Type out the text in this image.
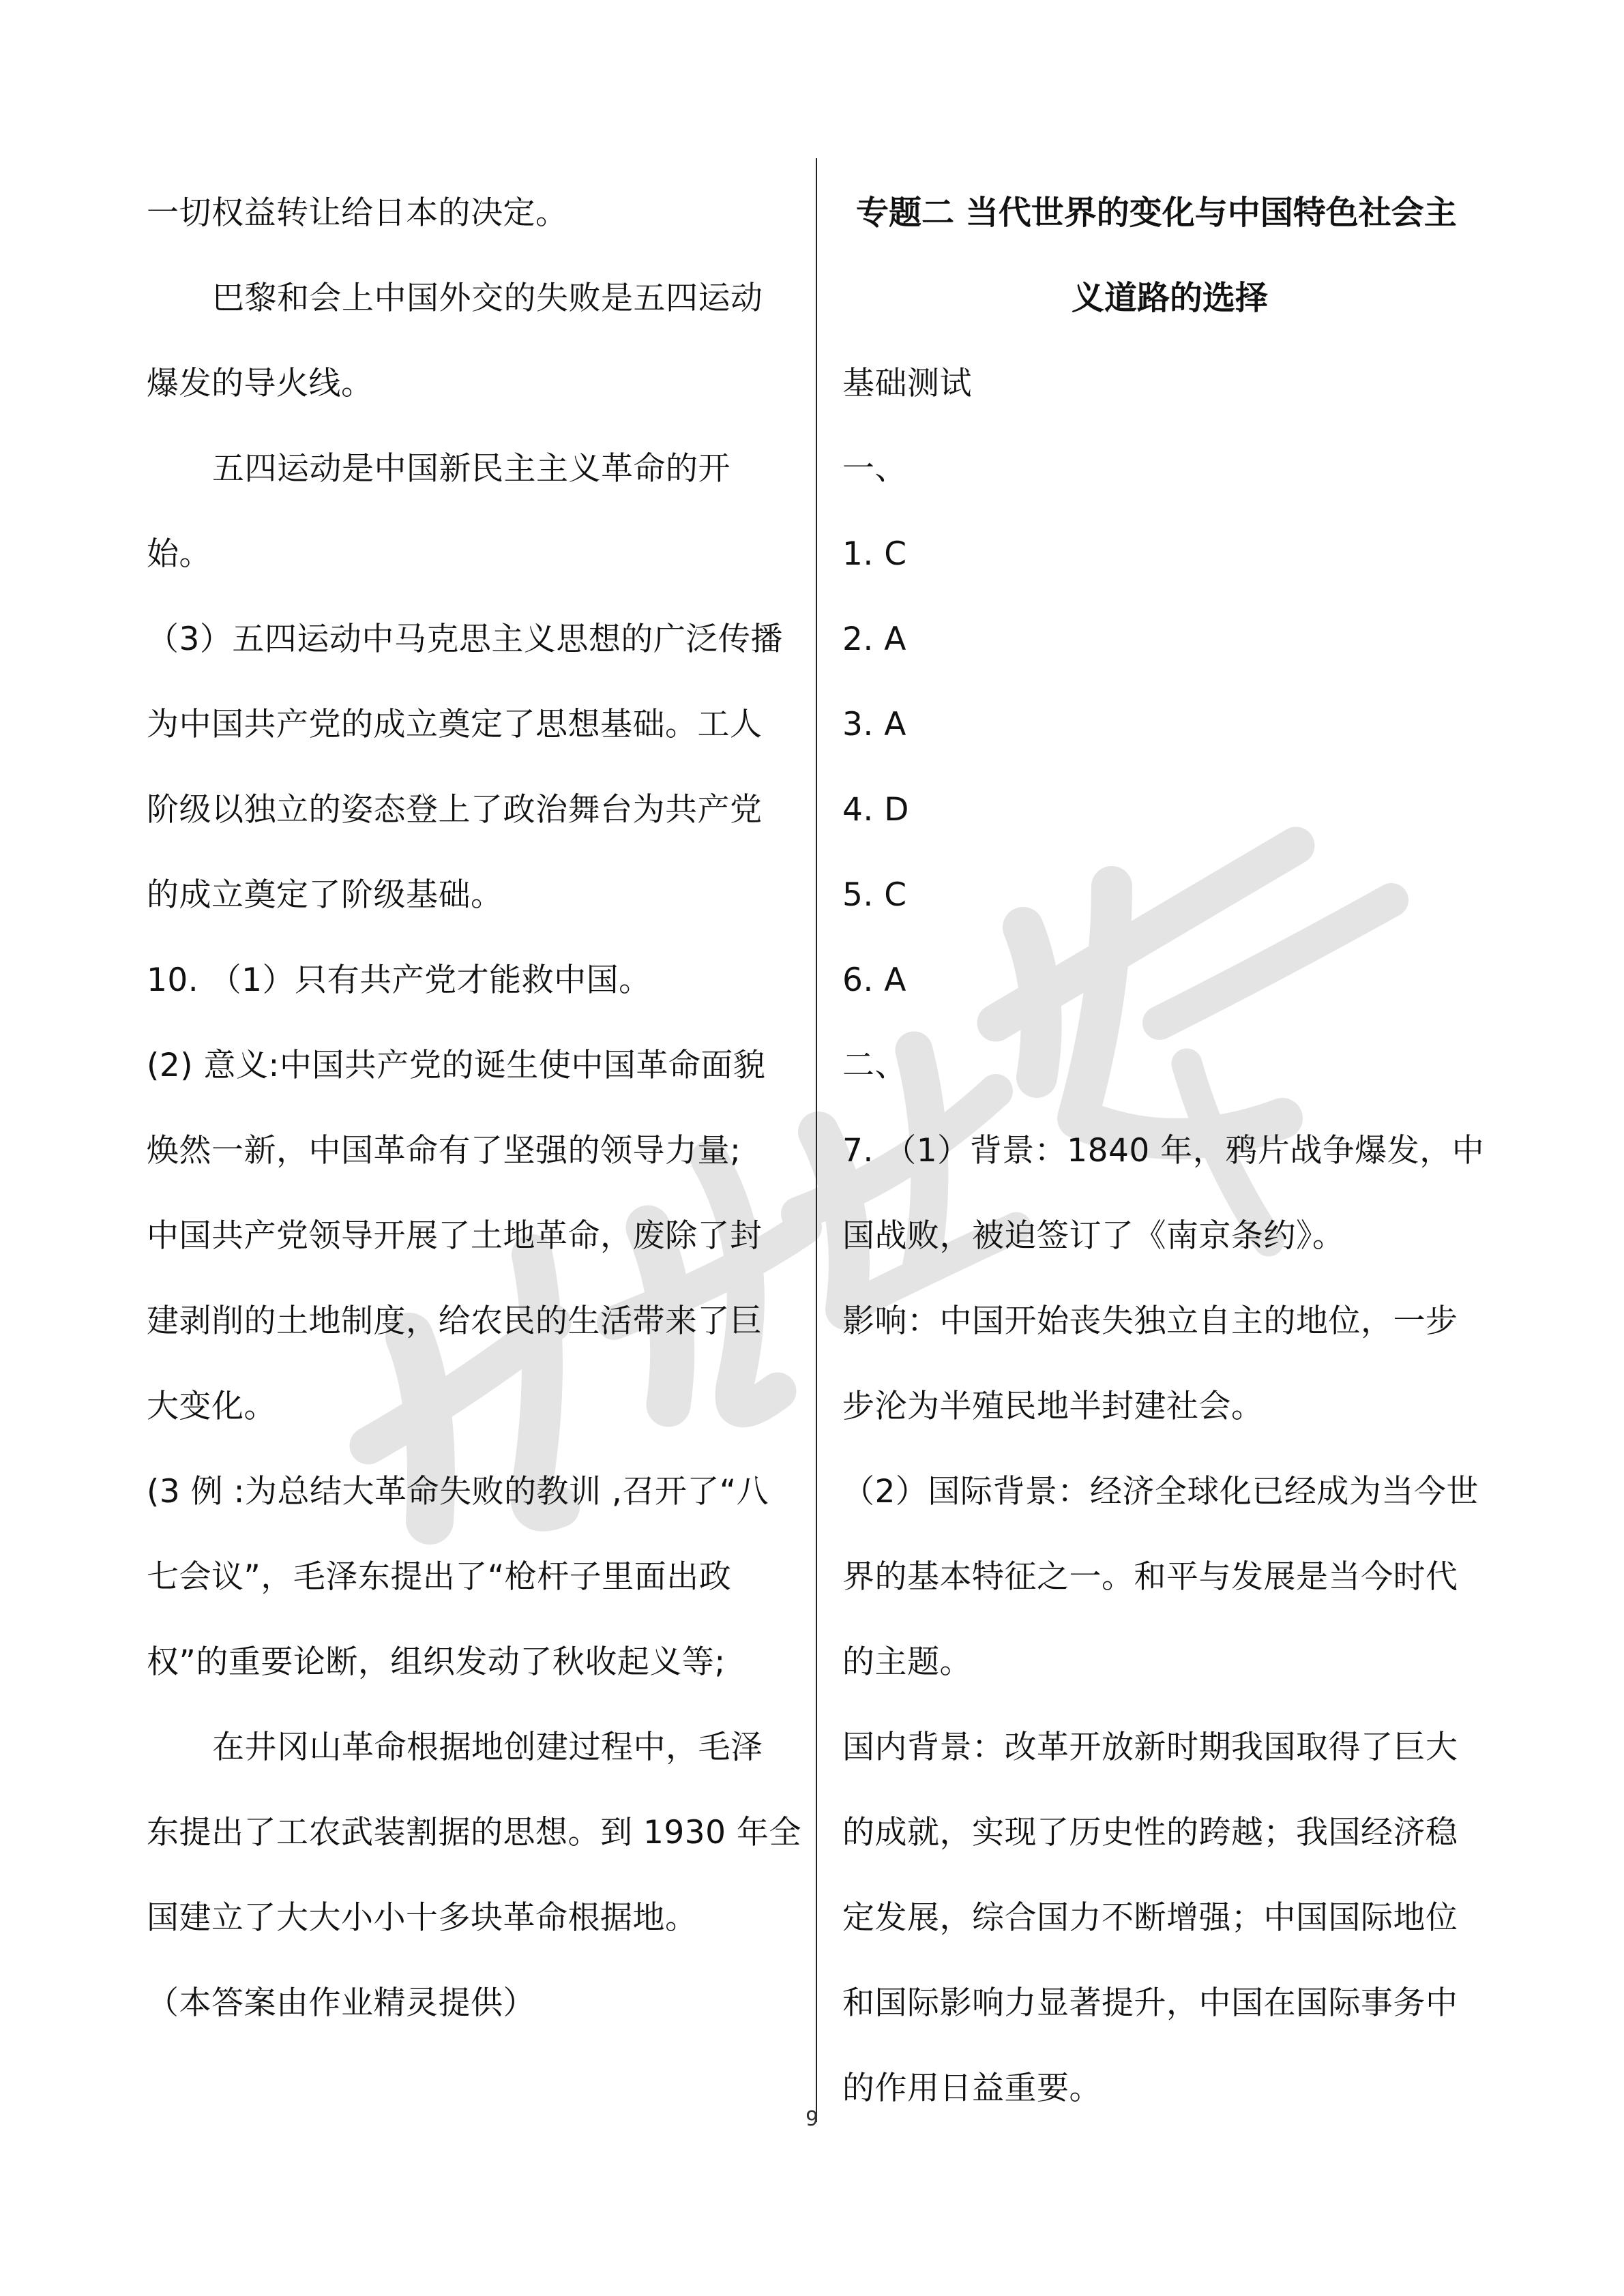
一切权益转让给日本的决定。
巴黎和会上中国外交的失败是五四运动
爆发的导火线。
五四运动是中国新民主主义革命的开
始。
（3）五四运动中马克思主义思想的广泛传播
为中国共产党的成立奠定了思想基础。工人
阶级以独立的姿态登上了政治舞台为共产党
的成立奠定了阶级基础。
10. （1）只有共产党才能救中国。
(2) 意义:中国共产党的诞生使中国革命面貌
焕然一新，中国革命有了坚强的领导力量;
中国共产党领导开展了土地革命，废除了封
建剥削的土地制度，给农民的生活带来了巨
大变化。
(3 例 :为总结大革命失败的教训 ,召开了“八
七会议”，毛泽东提出了“枪杆子里面出政
权”的重要论断，组织发动了秋收起义等;
在井冈山革命根据地创建过程中，毛泽
东提出了工农武装割据的思想。到 1930 年全
国建立了大大小小十多块革命根据地。
（本答案由作业精灵提供）
专题二 当代世界的变化与中国特色社会主
义道路的选择
基础测试
一、
1. C
2. A
3. A
4. D
5. C
6. A
二、
7. （1）背景：1840 年，鸦片战争爆发，中
国战败，被迫签订了《南京条约》。
影响：中国开始丧失独立自主的地位，一步
步沦为半殖民地半封建社会。
（2）国际背景：经济全球化已经成为当今世
界的基本特征之一。和平与发展是当今时代
的主题。
国内背景：改革开放新时期我国取得了巨大
的成就，实现了历史性的跨越；我国经济稳
定发展，综合国力不断增强；中国国际地位
和国际影响力显著提升，中国在国际事务中
的作用日益重要。
9
